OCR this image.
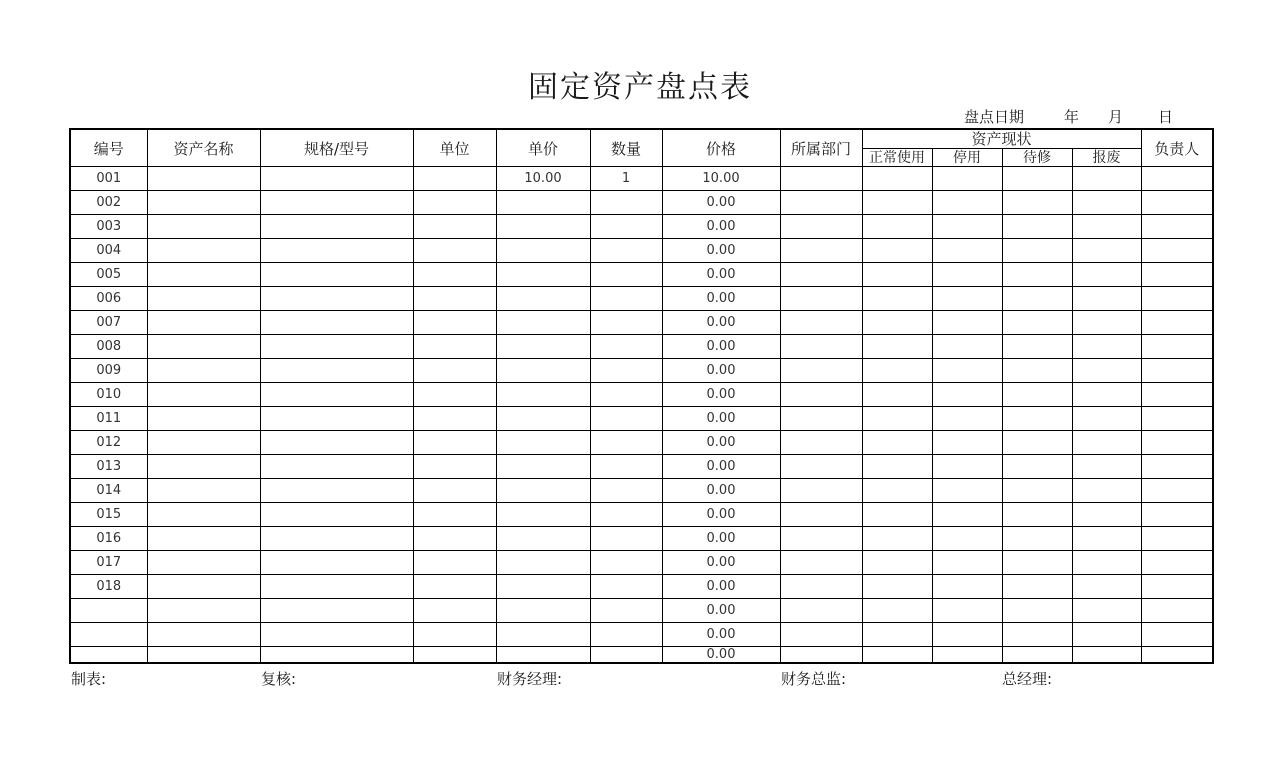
固定资产盘点表
盘点日期	年 月 日
编号	资产名称	规格/型号	单位	单价	数量	价格	所属部门	资产现状				负责人
								正常使用	停用	待修	报废	
001				10.00	1	10.00						
002						0.00						
003						0.00						
004						0.00						
005						0.00						
006						0.00						
007						0.00						
008						0.00						
009						0.00						
010						0.00						
011						0.00						
012						0.00						
013						0.00						
014						0.00						
015						0.00						
016						0.00						
017						0.00						
018						0.00						
						0.00						
						0.00						
						0.00						
制表:	复核:	财务经理:	财务总监:	总经理:
